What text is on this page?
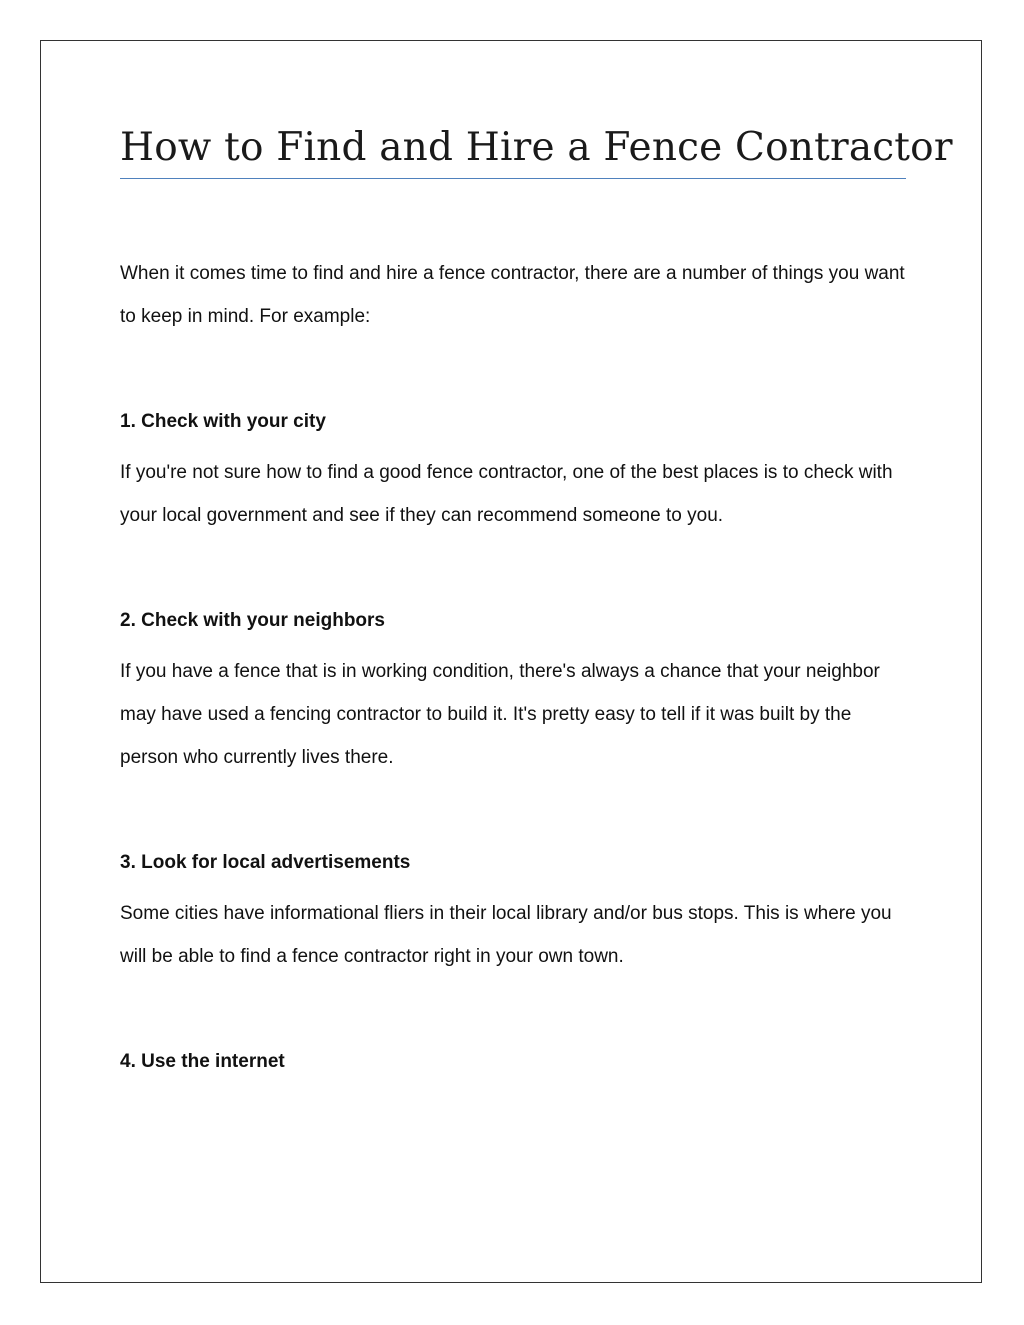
How to Find and Hire a Fence Contractor

When it comes time to find and hire a fence contractor, there are a number of things you want to keep in mind. For example:

1. Check with your city

If you're not sure how to find a good fence contractor, one of the best places is to check with your local government and see if they can recommend someone to you.

2. Check with your neighbors

If you have a fence that is in working condition, there's always a chance that your neighbor may have used a fencing contractor to build it. It's pretty easy to tell if it was built by the person who currently lives there.

3. Look for local advertisements

Some cities have informational fliers in their local library and/or bus stops. This is where you will be able to find a fence contractor right in your own town.

4. Use the internet
